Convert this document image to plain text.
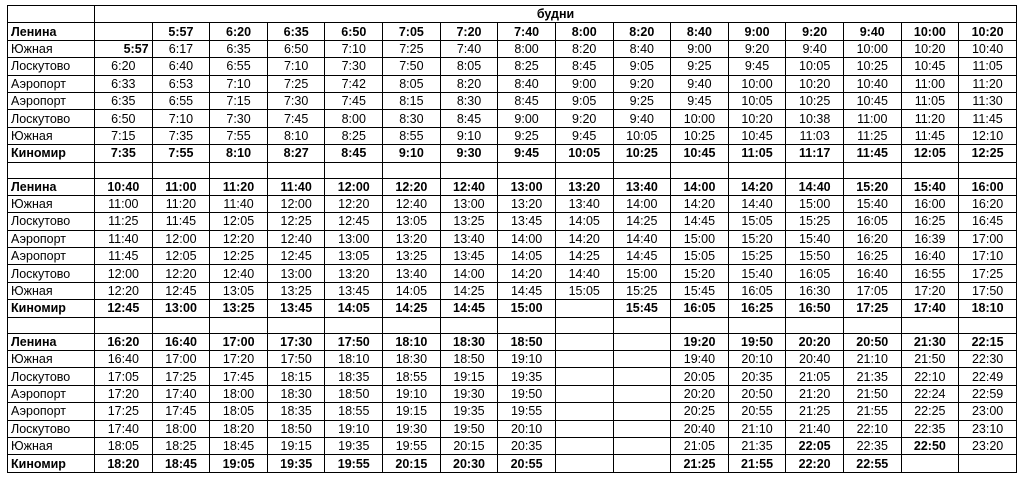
	будни															
Ленина		5:57	6:20	6:35	6:50	7:05	7:20	7:40	8:00	8:20	8:40	9:00	9:20	9:40	10:00	10:20
Южная	5:57	6:17	6:35	6:50	7:10	7:25	7:40	8:00	8:20	8:40	9:00	9:20	9:40	10:00	10:20	10:40
Лоскутово	6:20	6:40	6:55	7:10	7:30	7:50	8:05	8:25	8:45	9:05	9:25	9:45	10:05	10:25	10:45	11:05
Аэропорт	6:33	6:53	7:10	7:25	7:42	8:05	8:20	8:40	9:00	9:20	9:40	10:00	10:20	10:40	11:00	11:20
Аэропорт	6:35	6:55	7:15	7:30	7:45	8:15	8:30	8:45	9:05	9:25	9:45	10:05	10:25	10:45	11:05	11:30
Лоскутово	6:50	7:10	7:30	7:45	8:00	8:30	8:45	9:00	9:20	9:40	10:00	10:20	10:38	11:00	11:20	11:45
Южная	7:15	7:35	7:55	8:10	8:25	8:55	9:10	9:25	9:45	10:05	10:25	10:45	11:03	11:25	11:45	12:10
Киномир	7:35	7:55	8:10	8:27	8:45	9:10	9:30	9:45	10:05	10:25	10:45	11:05	11:17	11:45	12:05	12:25

Ленина	10:40	11:00	11:20	11:40	12:00	12:20	12:40	13:00	13:20	13:40	14:00	14:20	14:40	15:20	15:40	16:00
Южная	11:00	11:20	11:40	12:00	12:20	12:40	13:00	13:20	13:40	14:00	14:20	14:40	15:00	15:40	16:00	16:20
Лоскутово	11:25	11:45	12:05	12:25	12:45	13:05	13:25	13:45	14:05	14:25	14:45	15:05	15:25	16:05	16:25	16:45
Аэропорт	11:40	12:00	12:20	12:40	13:00	13:20	13:40	14:00	14:20	14:40	15:00	15:20	15:40	16:20	16:39	17:00
Аэропорт	11:45	12:05	12:25	12:45	13:05	13:25	13:45	14:05	14:25	14:45	15:05	15:25	15:50	16:25	16:40	17:10
Лоскутово	12:00	12:20	12:40	13:00	13:20	13:40	14:00	14:20	14:40	15:00	15:20	15:40	16:05	16:40	16:55	17:25
Южная	12:20	12:45	13:05	13:25	13:45	14:05	14:25	14:45	15:05	15:25	15:45	16:05	16:30	17:05	17:20	17:50
Киномир	12:45	13:00	13:25	13:45	14:05	14:25	14:45	15:00		15:45	16:05	16:25	16:50	17:25	17:40	18:10

Ленина	16:20	16:40	17:00	17:30	17:50	18:10	18:30	18:50			19:20	19:50	20:20	20:50	21:30	22:15
Южная	16:40	17:00	17:20	17:50	18:10	18:30	18:50	19:10			19:40	20:10	20:40	21:10	21:50	22:30
Лоскутово	17:05	17:25	17:45	18:15	18:35	18:55	19:15	19:35			20:05	20:35	21:05	21:35	22:10	22:49
Аэропорт	17:20	17:40	18:00	18:30	18:50	19:10	19:30	19:50			20:20	20:50	21:20	21:50	22:24	22:59
Аэропорт	17:25	17:45	18:05	18:35	18:55	19:15	19:35	19:55			20:25	20:55	21:25	21:55	22:25	23:00
Лоскутово	17:40	18:00	18:20	18:50	19:10	19:30	19:50	20:10			20:40	21:10	21:40	22:10	22:35	23:10
Южная	18:05	18:25	18:45	19:15	19:35	19:55	20:15	20:35			21:05	21:35	22:05	22:35	22:50	23:20
Киномир	18:20	18:45	19:05	19:35	19:55	20:15	20:30	20:55			21:25	21:55	22:20	22:55		
